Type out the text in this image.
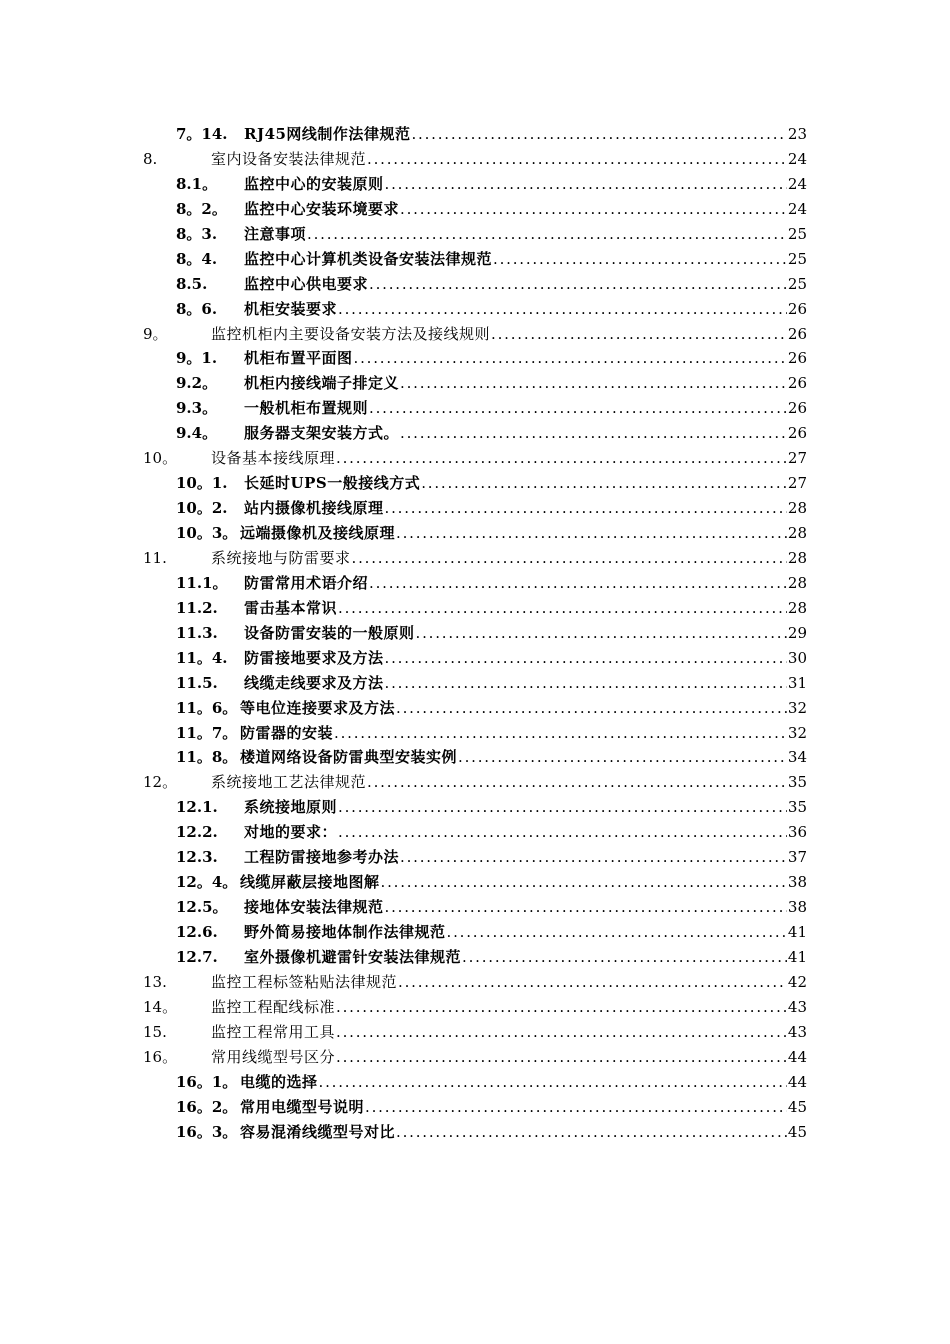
7。14. RJ45网线制作法律规范 .....	23
8.	室内设备安装法律规范 .....	24
8.1。 监控中心的安装原则 .....	24
8。2。 监控中心安装环境要求 .....	24
8。3. 注意事项 .....	25
8。4. 监控中心计算机类设备安装法律规范 .....	25
8.5. 监控中心供电要求 .....	25
8。6. 机柜安装要求 .....	26
9。	监控机柜内主要设备安装方法及接线规则 .....	26
9。1. 机柜布置平面图 .....	26
9.2。 机柜内接线端子排定义 .....	26
9.3。 一般机柜布置规则 .....	26
9.4。 服务器支架安装方式。 .....	26
10。 设备基本接线原理 .....	27
10。1. 长延时UPS一般接线方式 .....	27
10。2. 站内摄像机接线原理 .....	28
10。3。 远端摄像机及接线原理 .....	28
11.	系统接地与防雷要求 .....	28
11.1。 防雷常用术语介绍 .....	28
11.2. 雷击基本常识 .....	28
11.3. 设备防雷安装的一般原则 .....	29
11。4. 防雷接地要求及方法 .....	30
11.5. 线缆走线要求及方法 .....	31
11。6。 等电位连接要求及方法 .....	32
11。7。 防雷器的安装 .....	32
11。8。 楼道网络设备防雷典型安装实例 .....	34
12。 系统接地工艺法律规范 .....	35
12.1. 系统接地原则 .....	35
12.2. 对地的要求： .....	36
12.3. 工程防雷接地参考办法 .....	37
12。4。 线缆屏蔽层接地图解 .....	38
12.5。 接地体安装法律规范 .....	38
12.6. 野外简易接地体制作法律规范 .....	41
12.7. 室外摄像机避雷针安装法律规范 .....	41
13.	监控工程标签粘贴法律规范 .....	42
14。 监控工程配线标准 .....	43
15.	监控工程常用工具 .....	43
16。 常用线缆型号区分 .....	44
16。1。 电缆的选择 .....	44
16。2。 常用电缆型号说明 .....	45
16。3。 容易混淆线缆型号对比 .....	45
